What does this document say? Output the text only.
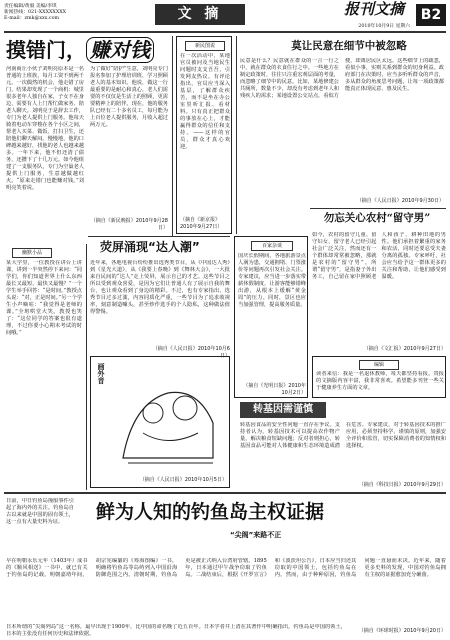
责任编辑/黄毅 美编/李琪
新闻热线：021-XXXXXXXX
E-mail：zmk@xxx.com	文 摘	报刊文摘
2010年10月9日 星期六
B2
摸错门， 赚对钱
河南商丘小伙子刘明亮原本是一名普通的上班族，每月工资不到两千元。一次偶然的机会，他走错了房门，结果却发现了一个商机：城里很多老年人独自在家，子女不在身边，需要有人上门帮忙做家务、陪老人聊天。刘明亮于是辞去工作，专门为老人提供上门服务。他每天骑着电动车穿梭在各个小区之间，帮老人买菜、做饭、打扫卫生，还陪他们聊天解闷。慢慢地，他的口碑越来越好，找他的老人也越来越多。一年下来，他不但还清了债务，还攒下了十几万元。如今他组建了一支服务队，专门为空巢老人提供上门服务，生意越做越红火。“原来走错门也能赚对钱。”刘明亮笑着说。
为了做好“陪护”生意，刘明亮专门报名参加了护理培训班，学习照顾老人的基本知识。他说，做这一行最重要的是耐心和真心，老人们需要的不仅仅是生活上的照顾，更需要精神上的陪伴。现在，他的服务队已经有二十多名员工，每月能为上百位老人提供服务，月收入超过两万元。
（摘自《新民晚报》2010年9月28日）
幽默小品
某大学里，一位教授在讲台上讲课，讲到一半突然停下来问：“同学们，你们知道世界上什么东西最长又最短，最快又最慢？”一个学生举手回答：“是时间。”教授点头说：“对，正是时间。”另一个学生小声嘀咕：“我觉得是老师的课。”全班哄堂大笑。教授也笑了：“这位同学的答案也很有道理，不过你要小心期末考试的时间哦。”
荧屏涌现“达人潮”
近年来，各地电视台纷纷推出选秀类节目，从《中国达人秀》到《星光大道》，从《我要上春晚》到《舞林大会》，一大批来自民间的“达人”走上荧屏，展示自己的才艺。这些节目之所以受到观众喜爱，是因为它们让普通人有了展示自我的舞台，也让观众看到了身边的精彩。不过，也有专家指出，选秀节目过多过滥，内容同质化严重，一些节目为了追求收视率，刻意制造噱头，甚至炒作选手的个人隐私，这种做法值得警惕。
（摘自《人民日报》2010年10月6日）
画外音
（摘自《人民日报》2010年10月5日）
新民图说
在一次活动中，某地官员被问及当地民生问题时支支吾吾，引发网友热议。有评论指出，官员应当深入基层，了解群众疾苦，而不是坐在办公室里听汇报、看材料。只有真正把群众的事放在心上，才能赢得群众的信任和支持。——这样的官员，群众才真心欢迎。
（摘自《新京报》2010年9月27日）
百家杂谈
国庆长假期间，各地旅游景点人满为患，交通拥堵、门票涨价等问题再次引发社会关注。专家建议，应当进一步落实带薪休假制度，让游客能够错峰出游，从根本上缓解“黄金周”的压力。同时，景区也应当加强管理，提高服务质量。
（摘自《光明日报》2010年10月2日）
莫让民意在细节中被忽略
民意是什么？民意就在群众的一言一行之中，就在群众的衣食住行之中。一些地方在制定政策时，往往只注重宏观层面的考量，而忽略了细节中的民意。比如，某地修建公共厕所，数量不少，却没有考虑到老年人和残疾人的需求；某地设置公交站点，看似方便，却离居民区太远。这些细节上的疏忽，看似小事，实则关系到群众的切身利益。政府部门在决策时，应当多听听群众的声音，多从群众的角度思考问题，让每一项政策都能真正体现民意、惠及民生。
（摘自《人民日报》2010年9月30日）
勿忘关心农村“留守男”
如今，农村的留守儿童、留守妇女、留守老人已经引起社会广泛关注，然而还有一个群体却常常被忽略，那就是农村的“留守男”。所谓“留守男”，是指妻子外出务工，自己留在家中照顾老人和孩子、耕种田地的男性。他们承担着繁重的家务和农活，同时还要忍受夫妻分离的孤独。专家呼吁，社会应当给予这一群体更多的关注和帮助，让他们感受到温暖。
（摘自《文汇报》2010年9月27日）
编辑
读者来信：我是一名退休教师，每天都坚持看报。贵报的文摘版内容丰富，我非常喜欢。希望能多刊登一些关于健康养生方面的文章。
转基因需谨慎
转基因食品的安全性问题一直存在争议。支持者认为，转基因技术可以提高农作物产量，解决粮食短缺问题；反对者则担心，转基因食品可能对人体健康和生态环境造成潜在危害。专家建议，对于转基因技术的推广应用，必须坚持科学、谨慎的原则，加强安全评价和监管，切实保障消费者的知情权和选择权。
（摘自《科技日报》2010年9月29日）
日前，中日钓鱼岛撞船事件引起了海内外的关注。钓鱼岛自古以来就是中国的固有领土，这一点有大量史料为证。	鲜为人知的钓鱼岛主权证据
早在明朝永乐元年（1403年）成书的《顺风相送》一书中，就已有关于钓鱼岛的记载。明朝嘉靖年间，胡宗宪编纂的《筹海图编》一书，明确将钓鱼岛等岛屿列入中国沿海防御范围之内。清朝时期，钓鱼岛更是被正式纳入台湾府管辖。1895年，日本通过甲午战争窃取了钓鱼岛。二战结束后，根据《开罗宣言》和《波茨坦公告》，日本应当归还其窃取的中国领土，包括钓鱼岛在内。然而，由于种种原因，钓鱼岛问题一直悬而未决。近年来，随着更多史料的发现，中国对钓鱼岛拥有主权的证据愈加充分确凿。
“尖阁”来路不正
日本所谓的“尖阁列岛”这一名称，最早出现于1900年，比中国的命名晚了近五百年。日本学者井上清在其著作中明确指出，钓鱼岛是中国的领土，日本的主张没有任何历史和法律依据。	（摘自《环球时报》2010年9月20日）
